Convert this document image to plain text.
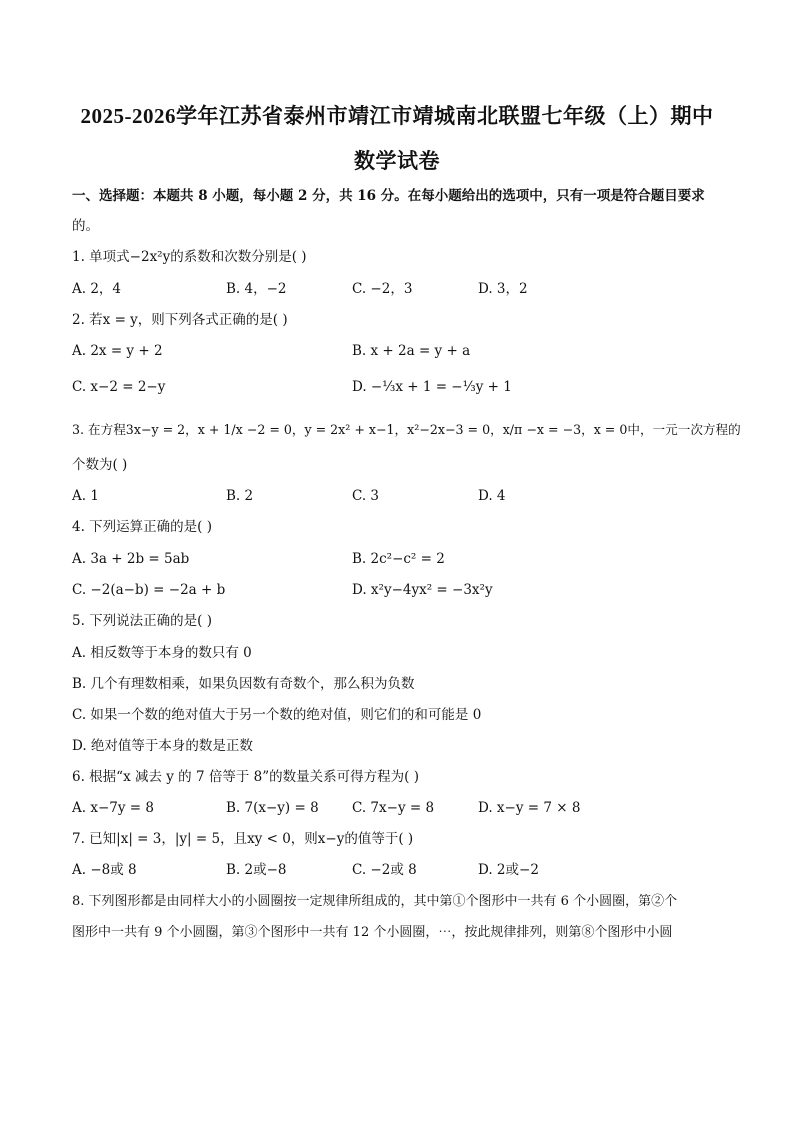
2025-2026学年江苏省泰州市靖江市靖城南北联盟七年级（上）期中
数学试卷
一、选择题：本题共 8 小题，每小题 2 分，共 16 分。在每小题给出的选项中，只有一项是符合题目要求
的。
1. 单项式−2x²y的系数和次数分别是( )
A. 2，4	B. 4，−2	C. −2，3	D. 3，2
2. 若x = y，则下列各式正确的是( )
A. 2x = y + 2	B. x + 2a = y + a
C. x−2 = 2−y	D. −⅓x + 1 = −⅓y + 1
3. 在方程3x−y = 2，x + 1/x −2 = 0，y = 2x² + x−1，x²−2x−3 = 0，x/π −x = −3，x = 0中，一元一次方程的
个数为( )
A. 1	B. 2	C. 3	D. 4
4. 下列运算正确的是( )
A. 3a + 2b = 5ab	B. 2c²−c² = 2
C. −2(a−b) = −2a + b	D. x²y−4yx² = −3x²y
5. 下列说法正确的是( )
A. 相反数等于本身的数只有 0
B. 几个有理数相乘，如果负因数有奇数个，那么积为负数
C. 如果一个数的绝对值大于另一个数的绝对值，则它们的和可能是 0
D. 绝对值等于本身的数是正数
6. 根据“x 减去 y 的 7 倍等于 8”的数量关系可得方程为( )
A. x−7y = 8	B. 7(x−y) = 8 C. 7x−y = 8	D. x−y = 7 × 8
7. 已知|x| = 3，|y| = 5，且xy < 0，则x−y的值等于( )
A. −8或 8	B. 2或−8	C. −2或 8	D. 2或−2
8. 下列图形都是由同样大小的小圆圈按一定规律所组成的，其中第①个图形中一共有 6 个小圆圈，第②个
图形中一共有 9 个小圆圈，第③个图形中一共有 12 个小圆圈，⋯，按此规律排列，则第⑧个图形中小圆
